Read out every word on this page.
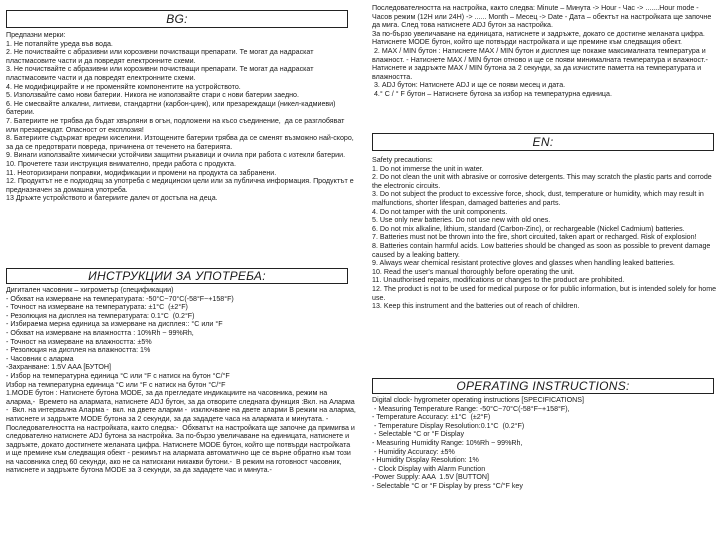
BG:
Предпазни мерки:
1. Не потапяйте уреда във вода.
2. Не почиствайте с абразивни или корозивни почистващи препарати. Те могат да надраскат пластмасовите части и да повредят електронните схеми.
3. Не почиствайте с абразивни или корозивни почистващи препарати. Те могат да надраскат пластмасовите части и да повредят електронните схеми.
4. Не модифицирайте и не променяйте компонентите на устройството.
5. Използвайте само нови батерии. Никога не използвайте стари с нови батерии заедно.
6. Не смесвайте алкални, литиеви, стандартни (карбон-цинк), или презареждащи (никел-кадмиеви) батерии.
7. Батериите не трябва да бъдат хвърляни в огън, подложени на късо съединение,  да се разглобяват или презареждат. Опасност от експлозия!
8. Батериите съдържат вредни киселини. Изтощените батерии трябва да се сменят възможно най-скоро, за да се предотврати повреда, причинена от теченето на батерията.
9. Винаги използвайте химически устойчиви защитни ръкавици и очила при работа с изтекли батерии.
10. Прочетете тази инструкция внимателно, преди работа с продукта.
11. Неоторизирани поправки, модификации и промени на продукта са забранени.
12. Продуктът не е подходящ за употреба с медицински цели или за публична информация. Продуктът е предназначен за домашна употреба.
13 Дръжте устройството и батериите далеч от достъпа на деца.
ИНСТРУКЦИИ ЗА УПОТРЕБА:
Дигитален часовник – хигрометър (спецификации)
- Обхват на измерване на температурата: -50°C~70°C(-58°F~+158°F)
- Точност на измерване на температурата: ±1°C  (±2°F)
- Резолюция на дисплея на температурата: 0.1°C  (0.2°F)
- Избираема мерна единица за измерване на дисплея:: °C или °F
- Обхват на измерване на влажността : 10%Rh ~ 99%Rh,
- Точност на измерване на влажността: ±5%
- Резолюция на дисплея на влажността: 1%
- Часовник с аларма
-Захранване: 1.5V AAA [БУТОН]
- Избор на температурна единица °C или °F с натиск на бутон °C/°F
Избор на температурна единица °C или °F с натиск на бутон °C/°F
1.MODE бутон : Натиснете бутона MODE, за да прегледате индикациите на часовника, режим на аларма,-  Времето на алармата, натиснете ADJ бутон, за да отворите следната функция :Вкл. на Аларма -  Вкл. на интервална Аларма -  вкл. на двете аларми -  изключване на двете аларми В режим на аларма, натиснете и задръжте MODE бутона за 2 секунди, за да зададете часа на алармата и минутата. - Последователността на настройката, както следва:-  Обхватът на настройката ще започне да примигва и следователно натиснете ADJ бутона за настройка. За по-бързо увеличаване на единицата, натиснете и задръжте, докато достигнете желаната цифра. Натиснете MODE бутон, който ще потвърди настройката и ще премине към следващия обект - режимът на алармата автоматично ще се върне обратно към този на часовника след 60 секунди, ако не са натискани никакви бутони.-  В режим на готовност часовник, натиснете и задръжте бутона MODE за 3 секунди, за да зададете час и минута.-
Последователността на настройка, както следва: Minute – Минута -> Hour - Час -> .......Hour mode - Часов режим (12H или 24H) -> ...... Month – Месец -> Date - Дата – обектът на настройката ще започне да мига. След това натиснете ADJ бутон за настройка.
За по-бързо увеличаване на единицата, натиснете и задръжте, докато се достигне желаната цифра. Натиснете MODE бутон, който ще потвърди настройката и ще премине към следващия обект.
2. MAX / MIN бутон : Натиснете MAX / MIN бутон и дисплея ще покаже максималната температура и влажност. - Натиснете MAX / MIN бутон отново и ще се появи минималната температура и влажност.- Натиснете и задръжте MAX / MIN бутона за 2 секунди, за да изчистите паметта на температурата и влажността.
3. ADJ бутон: Натиснете ADJ и ще се появи месец и дата.
4.° C / ° F бутон – Натиснете бутона за избор на температурна единица.
EN:
Safety precautions:
1. Do not immerse the unit in water.
2. Do not clean the unit with abrasive or corrosive detergents. This may scratch the plastic parts and corrode the electronic circuits.
3. Do not subject the product to excessive force, shock, dust, temperature or humidity, which may result in malfunctions, shorter lifespan, damaged batteries and parts.
4. Do not tamper with the unit components.
5. Use only new batteries. Do not use new with old ones.
6. Do not mix alkaline, lithium, standard (Carbon-Zinc), or rechargeable (Nickel Cadmium) batteries.
7. Batteries must not be thrown into the fire, short circuited, taken apart or recharged. Risk of explosion!
8. Batteries contain harmful acids. Low batteries should be changed as soon as possible to prevent damage caused by a leaking battery.
9. Always wear chemical resistant protective gloves and glasses when handling leaked batteries.
10. Read the user's manual thoroughly before operating the unit.
11. Unauthorised repairs, modifications or changes to the product are prohibited.
12. The product is not to be used for medical purpose or for public information, but is intended solely for home use.
13. Keep this instrument and the batteries out of reach of children.
OPERATING INSTRUCTIONS:
Digital clock- hygrometer operating instructions [SPECIFICATIONS]
- Measuring Temperature Range: -50°C~70°C(-58°F~+158°F),
- Temperature Accuracy: ±1°C  (±2°F)
- Temperature Display Resolution:0.1°C  (0.2°F)
- Selectable °C or °F Display
- Measuring Humidity Range: 10%Rh ~ 99%Rh,
- Humidity Accuracy: ±5%
- Humidity Display Resolution: 1%
- Clock Display with Alarm Function
-Power Supply: AAA  1.5V [BUTTON]
- Selectable °C or °F Display by press °C/°F key
